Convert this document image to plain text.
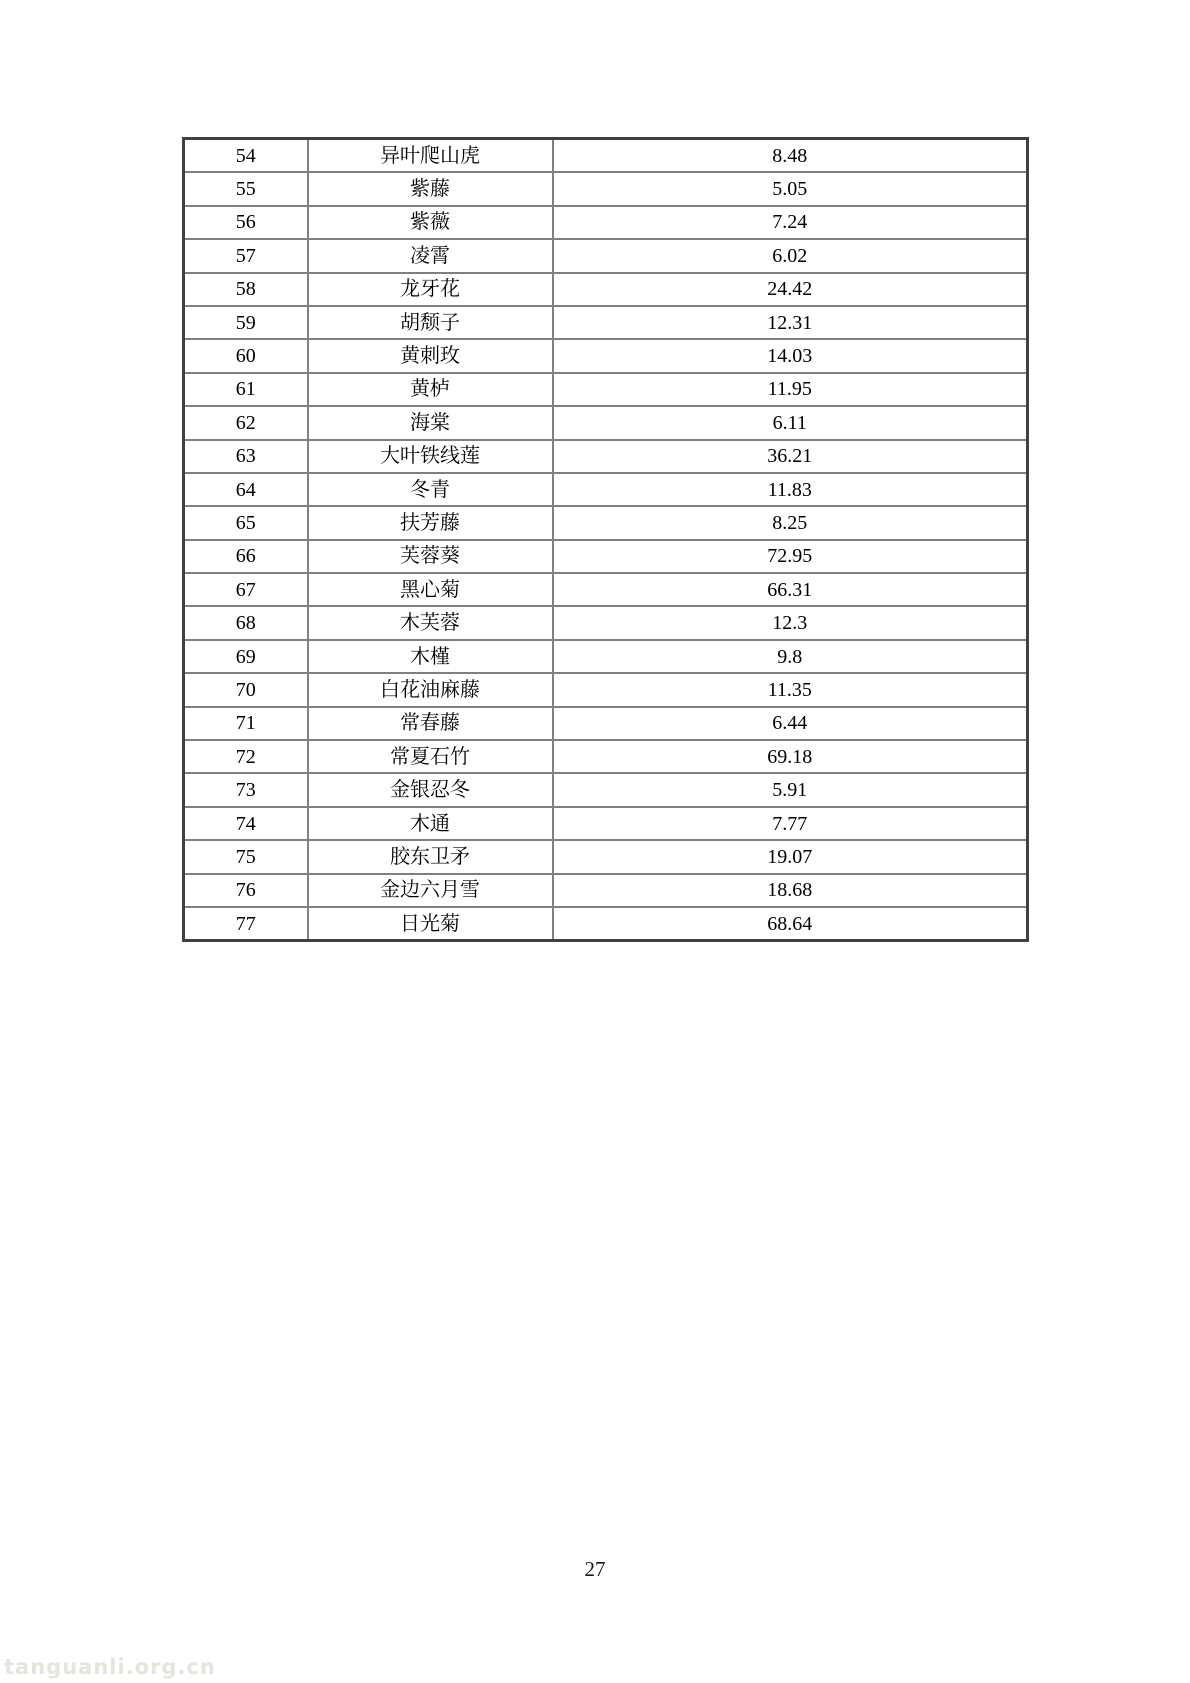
54	异叶爬山虎	8.48
55	紫藤	5.05
56	紫薇	7.24
57	凌霄	6.02
58	龙牙花	24.42
59	胡颓子	12.31
60	黄刺玫	14.03
61	黄栌	11.95
62	海棠	6.11
63	大叶铁线莲	36.21
64	冬青	11.83
65	扶芳藤	8.25
66	芙蓉葵	72.95
67	黑心菊	66.31
68	木芙蓉	12.3
69	木槿	9.8
70	白花油麻藤	11.35
71	常春藤	6.44
72	常夏石竹	69.18
73	金银忍冬	5.91
74	木通	7.77
75	胶东卫矛	19.07
76	金边六月雪	18.68
77	日光菊	68.64
27
tanguanli.org.cn
